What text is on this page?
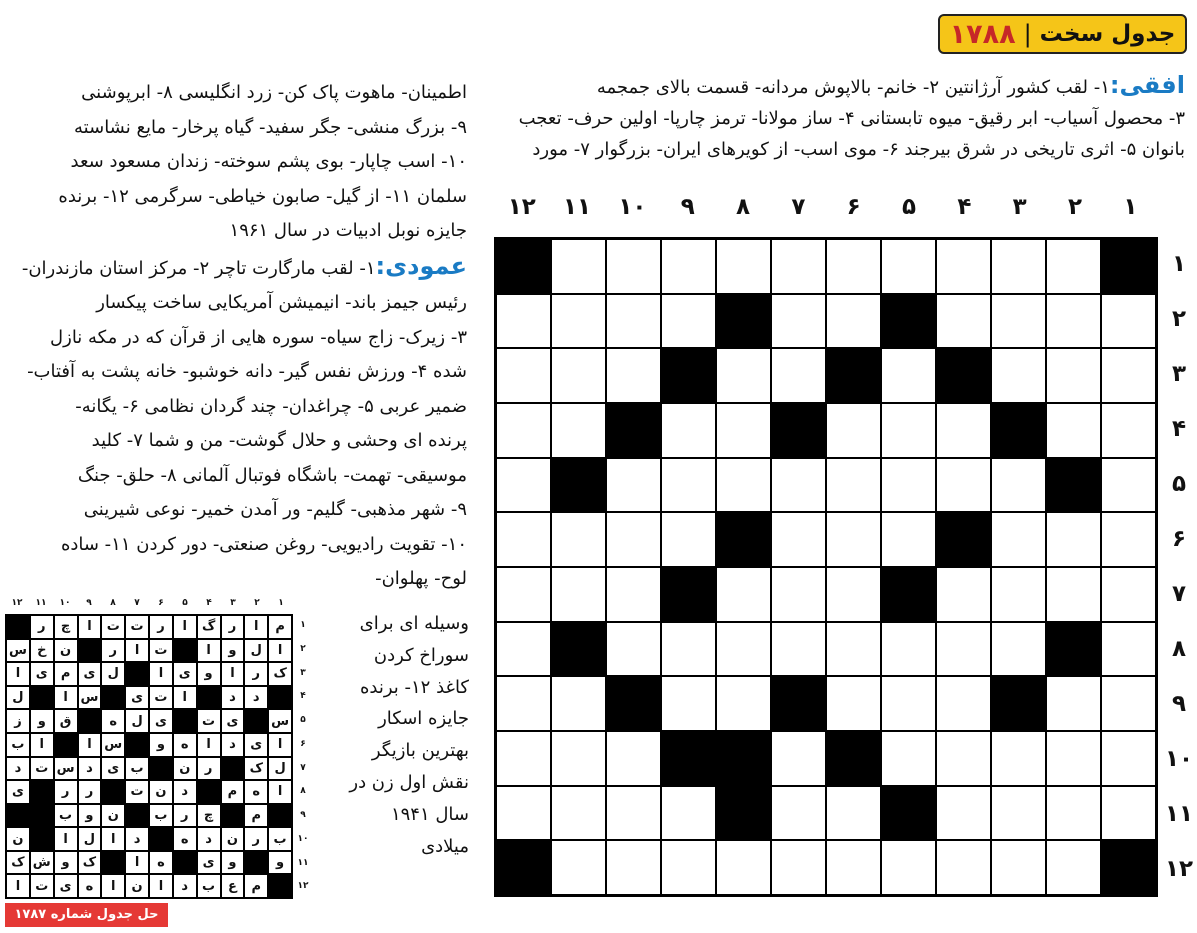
جدول سخت
|
۱۷۸۸
افقی:۱- لقب کشور آرژانتین ۲- خانم- بالاپوش مردانه- قسمت بالای جمجمه
۳- محصول آسیاب- ابر رقیق- میوه تابستانی ۴- ساز مولانا- ترمز چارپا- اولین حرف- تعجب
بانوان ۵- اثری تاریخی در شرق بیرجند ۶- موی اسب- از کویرهای ایران- بزرگوار ۷- مورد
اطمینان- ماهوت پاک کن- زرد انگلیسی ۸- ابرپوشنی
۹- بزرگ منشی- جگر سفید- گیاه پرخار- مایع نشاسته
۱۰- اسب چاپار- بوی پشم سوخته- زندان مسعود سعد
سلمان ۱۱- از گیل- صابون خیاطی- سرگرمی ۱۲- برنده
جایزه نوبل ادبیات در سال ۱۹۶۱
عمودی:۱- لقب مارگارت تاچر ۲- مرکز استان مازندران-
رئیس جیمز باند- انیمیشن آمریکایی ساخت پیکسار
۳- زیرک- زاج سیاه- سوره هایی از قرآن که در مکه نازل
شده ۴- ورزش نفس گیر- دانه خوشبو- خانه پشت به آفتاب-
ضمیر عربی ۵- چراغدان- چند گردان نظامی ۶- یگانه-
پرنده ای وحشی و حلال گوشت- من و شما ۷- کلید
موسیقی- تهمت- باشگاه فوتبال آلمانی ۸- حلق- جنگ
۹- شهر مذهبی- گلیم- ور آمدن خمیر- نوعی شیرینی
۱۰- تقویت رادیویی- روغن صنعتی- دور کردن ۱۱- ساده
لوح- پهلوان-
وسیله ای برای
سوراخ کردن
کاغذ ۱۲- برنده
جایزه اسکار
بهترین بازیگر
نقش اول زن در
سال ۱۹۴۱
میلادی
۱
۲
۳
۴
۵
۶
۷
۸
۹
۱۰
۱۱
۱۲
۱
۲
۳
۴
۵
۶
۷
۸
۹
۱۰
۱۱
۱۲
۱
۲
۳
۴
۵
۶
۷
۸
۹
۱۰
۱۱
۱۲
۱
۲
۳
۴
۵
۶
۷
۸
۹
۱۰
۱۱
۱۲
م
ا
ر
گ
ا
ر
ت
ت
ا
چ
ر
ا
ل
و
ا
ت
ا
ر
ن
خ
س
ک
ر
ا
و
ی
ا
ل
ی
م
ی
ا
د
د
ا
ت
ی
س
ا
ل
س
ی
ت
ی
ل
ه
ق
و
ز
ا
ی
د
ا
ه
و
س
ا
ا
ب
ل
ک
ر
ن
ب
ی
د
س
ت
د
ا
ه
م
د
ن
ت
ر
ر
ی
م
چ
ر
ب
ن
و
ب
ب
ر
ن
د
ه
د
ا
ل
ا
ن
و
و
ی
ه
ا
ک
و
ش
ک
م
ع
ب
د
ا
ن
ا
ه
ی
ت
ا
حل جدول شماره ۱۷۸۷
